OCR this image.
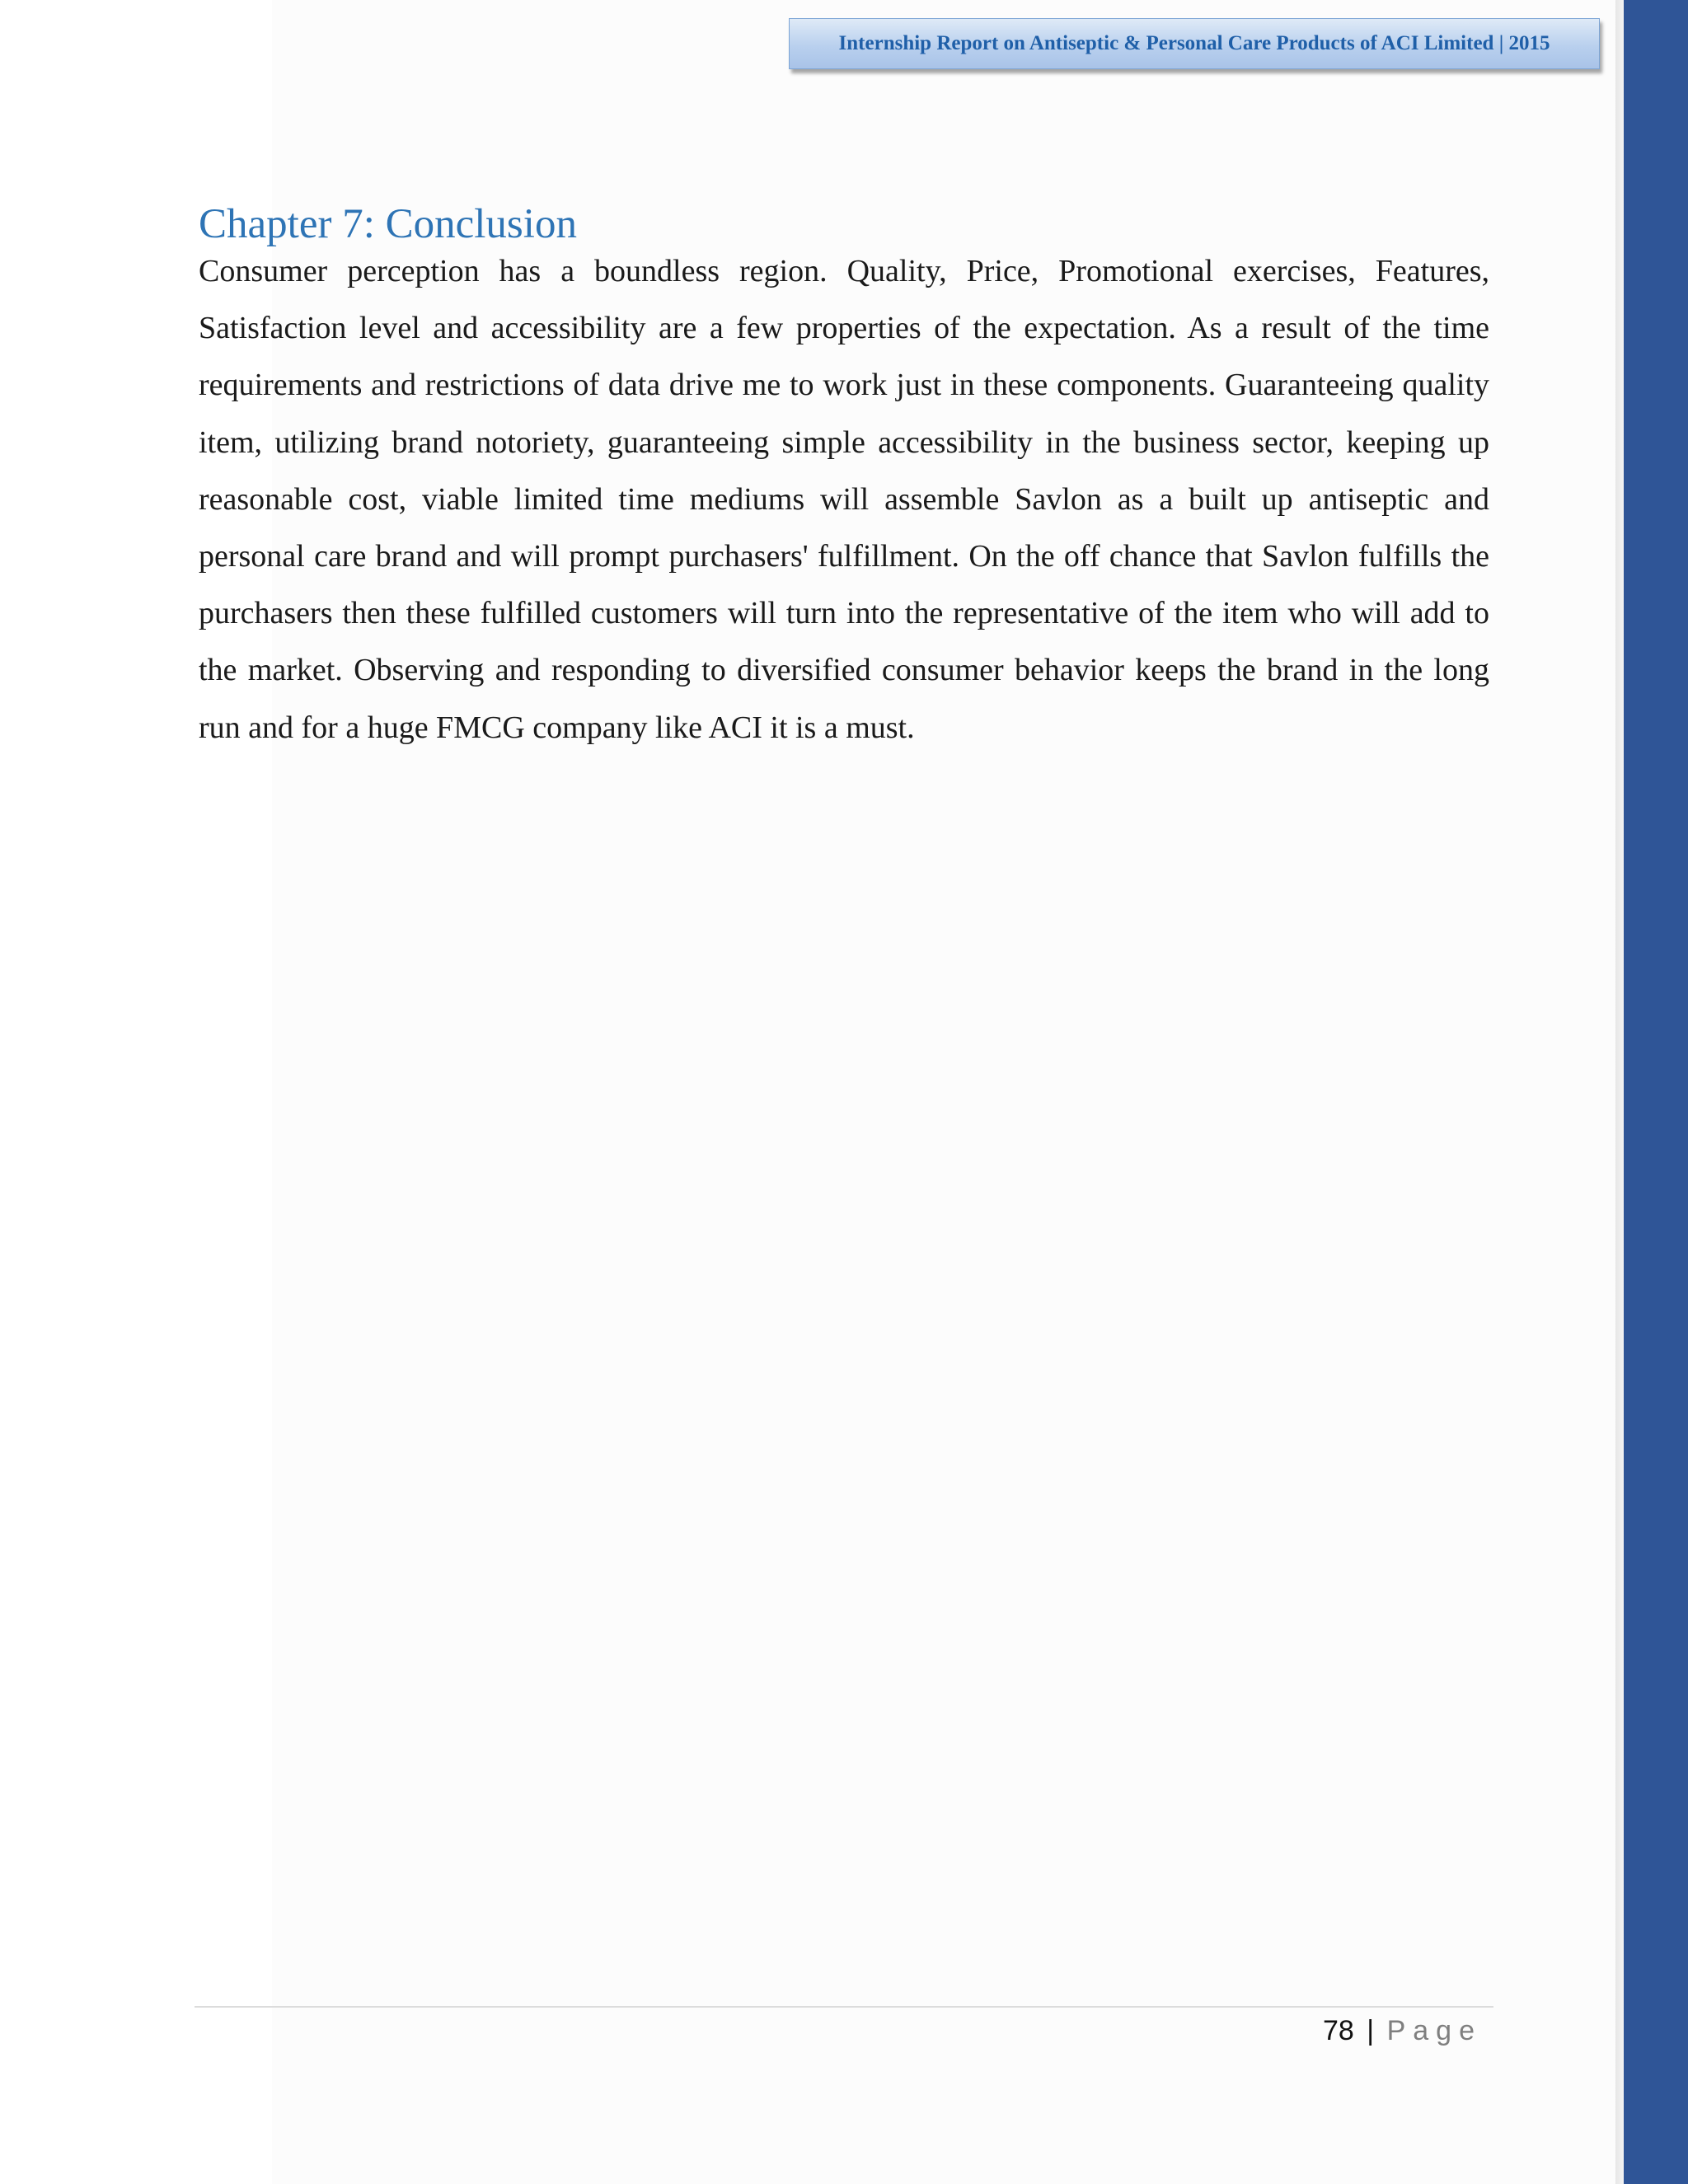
Internship Report on Antiseptic & Personal Care Products of ACI Limited | 2015
Chapter 7: Conclusion

Consumer perception has a boundless region. Quality, Price, Promotional exercises, Features, Satisfaction level and accessibility are a few properties of the expectation. As a result of the time requirements and restrictions of data drive me to work just in these components. Guaranteeing quality item, utilizing brand notoriety, guaranteeing simple accessibility in the business sector, keeping up reasonable cost, viable limited time mediums will assemble Savlon as a built up antiseptic and personal care brand and will prompt purchasers' fulfillment. On the off chance that Savlon fulfills the purchasers then these fulfilled customers will turn into the representative of the item who will add to the market. Observing and responding to diversified consumer behavior keeps the brand in the long run and for a huge FMCG company like ACI it is a must.

78 | Page
